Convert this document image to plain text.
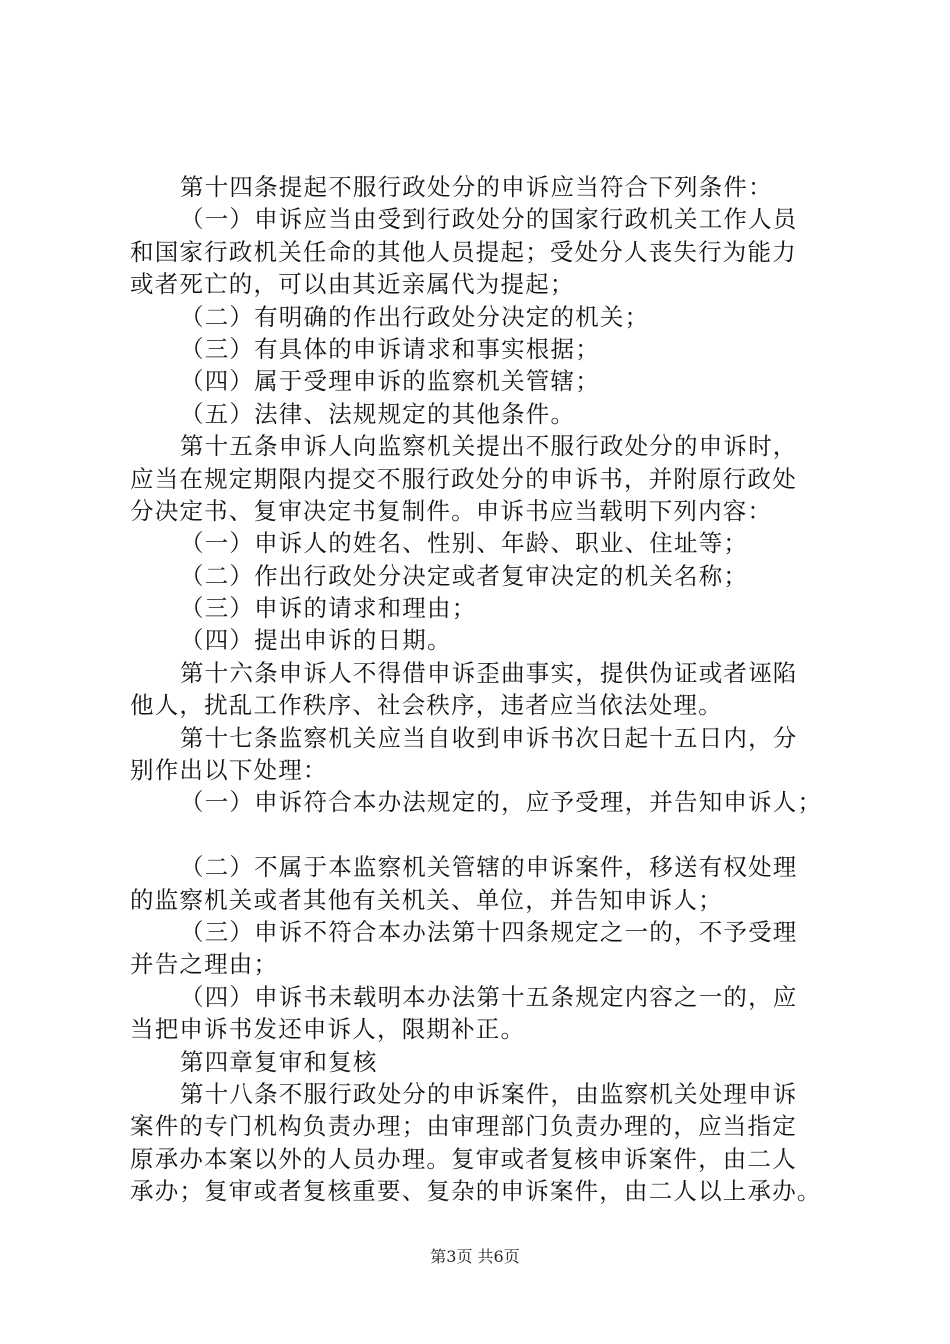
第十四条提起不服行政处分的申诉应当符合下列条件：
（一）申诉应当由受到行政处分的国家行政机关工作人员
和国家行政机关任命的其他人员提起；受处分人丧失行为能力
或者死亡的，可以由其近亲属代为提起；
（二）有明确的作出行政处分决定的机关；
（三）有具体的申诉请求和事实根据；
（四）属于受理申诉的监察机关管辖；
（五）法律、法规规定的其他条件。
第十五条申诉人向监察机关提出不服行政处分的申诉时，
应当在规定期限内提交不服行政处分的申诉书，并附原行政处
分决定书、复审决定书复制件。申诉书应当载明下列内容：
（一）申诉人的姓名、性别、年龄、职业、住址等；
（二）作出行政处分决定或者复审决定的机关名称；
（三）申诉的请求和理由；
（四）提出申诉的日期。
第十六条申诉人不得借申诉歪曲事实，提供伪证或者诬陷
他人，扰乱工作秩序、社会秩序，违者应当依法处理。
第十七条监察机关应当自收到申诉书次日起十五日内，分
别作出以下处理：
（一）申诉符合本办法规定的，应予受理，并告知申诉人；
（二）不属于本监察机关管辖的申诉案件，移送有权处理
的监察机关或者其他有关机关、单位，并告知申诉人；
（三）申诉不符合本办法第十四条规定之一的，不予受理
并告之理由；
（四）申诉书未载明本办法第十五条规定内容之一的，应
当把申诉书发还申诉人，限期补正。
第四章复审和复核
第十八条不服行政处分的申诉案件，由监察机关处理申诉
案件的专门机构负责办理；由审理部门负责办理的，应当指定
原承办本案以外的人员办理。复审或者复核申诉案件，由二人
承办；复审或者复核重要、复杂的申诉案件，由二人以上承办。
第3页 共6页
